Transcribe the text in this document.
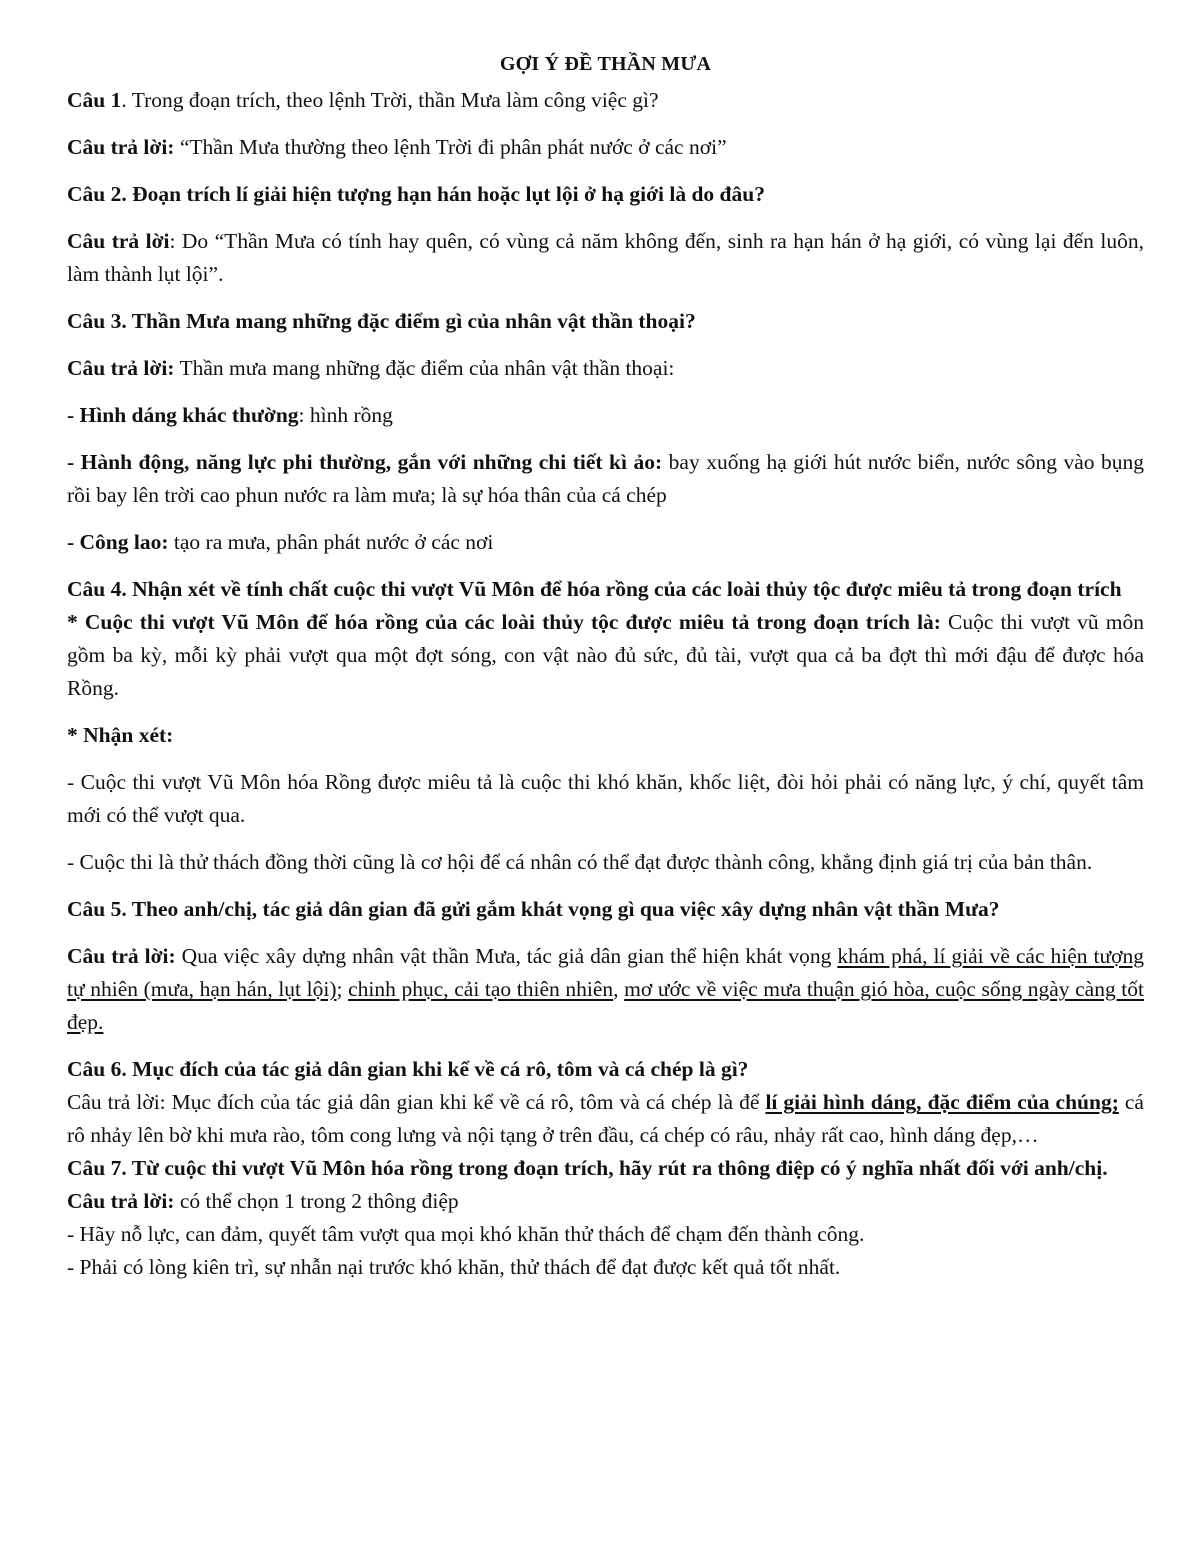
GỢI Ý ĐỀ THẦN MƯA

Câu 1. Trong đoạn trích, theo lệnh Trời, thần Mưa làm công việc gì?

Câu trả lời: “Thần Mưa thường theo lệnh Trời đi phân phát nước ở các nơi”

Câu 2. Đoạn trích lí giải hiện tượng hạn hán hoặc lụt lội ở hạ giới là do đâu?

Câu trả lời: Do “Thần Mưa có tính hay quên, có vùng cả năm không đến, sinh ra hạn hán ở hạ giới, có vùng lại đến luôn, làm thành lụt lội”.

Câu 3. Thần Mưa mang những đặc điểm gì của nhân vật thần thoại?

Câu trả lời: Thần mưa mang những đặc điểm của nhân vật thần thoại:

- Hình dáng khác thường: hình rồng

- Hành động, năng lực phi thường, gắn với những chi tiết kì ảo: bay xuống hạ giới hút nước biển, nước sông vào bụng rồi bay lên trời cao phun nước ra làm mưa; là sự hóa thân của cá chép

- Công lao: tạo ra mưa, phân phát nước ở các nơi

Câu 4. Nhận xét về tính chất cuộc thi vượt Vũ Môn để hóa rồng của các loài thủy tộc được miêu tả trong đoạn trích

* Cuộc thi vượt Vũ Môn để hóa rồng của các loài thủy tộc được miêu tả trong đoạn trích là: Cuộc thi vượt vũ môn gồm ba kỳ, mỗi kỳ phải vượt qua một đợt sóng, con vật nào đủ sức, đủ tài, vượt qua cả ba đợt thì mới đậu để được hóa Rồng.

* Nhận xét:

- Cuộc thi vượt Vũ Môn hóa Rồng được miêu tả là cuộc thi khó khăn, khốc liệt, đòi hỏi phải có năng lực, ý chí, quyết tâm mới có thể vượt qua.

- Cuộc thi là thử thách đồng thời cũng là cơ hội để cá nhân có thể đạt được thành công, khẳng định giá trị của bản thân.

Câu 5. Theo anh/chị, tác giả dân gian đã gửi gắm khát vọng gì qua việc xây dựng nhân vật thần Mưa?

Câu trả lời: Qua việc xây dựng nhân vật thần Mưa, tác giả dân gian thể hiện khát vọng khám phá, lí giải về các hiện tượng tự nhiên (mưa, hạn hán, lụt lội); chinh phục, cải tạo thiên nhiên, mơ ước về việc mưa thuận gió hòa, cuộc sống ngày càng tốt đẹp.

Câu 6. Mục đích của tác giả dân gian khi kể về cá rô, tôm và cá chép là gì?

Câu trả lời: Mục đích của tác giả dân gian khi kể về cá rô, tôm và cá chép là để lí giải hình dáng, đặc điểm của chúng; cá rô nhảy lên bờ khi mưa rào, tôm cong lưng và nội tạng ở trên đầu, cá chép có râu, nhảy rất cao, hình dáng đẹp,…

Câu 7. Từ cuộc thi vượt Vũ Môn hóa rồng trong đoạn trích, hãy rút ra thông điệp có ý nghĩa nhất đối với anh/chị.

Câu trả lời: có thể chọn 1 trong 2 thông điệp

- Hãy nỗ lực, can đảm, quyết tâm vượt qua mọi khó khăn thử thách để chạm đến thành công.

- Phải có lòng kiên trì, sự nhẫn nại trước khó khăn, thử thách để đạt được kết quả tốt nhất.
